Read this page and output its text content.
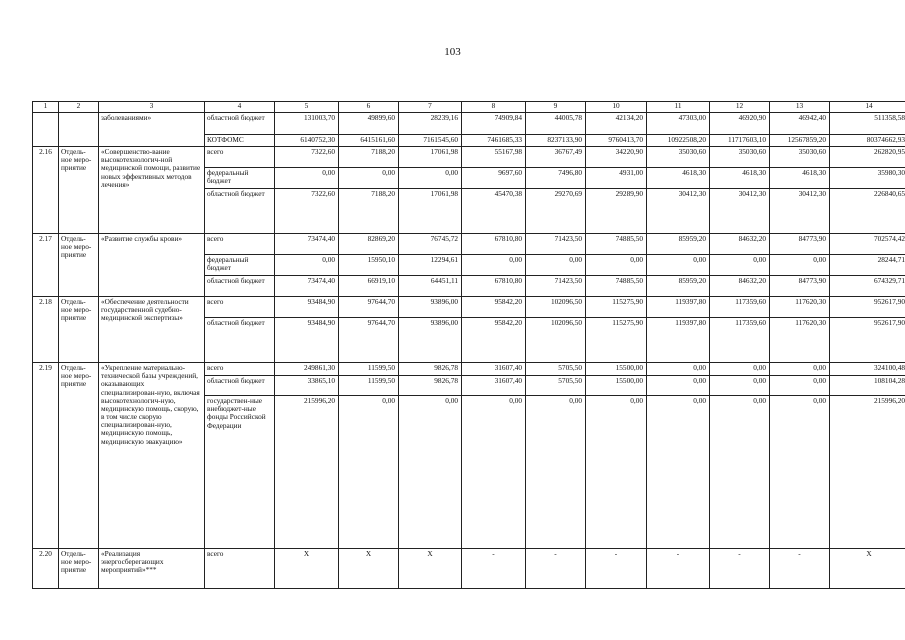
103
1	2	3	4	5	6	7	8	9	10	11	12	13	14
		заболеваниями»	областной бюджет	131003,70	49899,60	28239,16	74909,84	44005,78	42134,20	47303,00	46920,90	46942,40	511358,58
			КОТФОМС	6140752,30	6415161,60	7161545,60	7461685,33	8237133,90	9760413,70	10922508,20	11717603,10	12567859,20	80374662,93
2.16	Отдель-ное меро-приятие	«Совершенство-вание высокотехнологич-ной медицинской помощи, развитие новых эффективных методов лечения»	всего	7322,60	7188,20	17061,98	55167,98	36767,49	34220,90	35030,60	35030,60	35030,60	262820,95
			федеральный бюджет	0,00	0,00	0,00	9697,60	7496,80	4931,00	4618,30	4618,30	4618,30	35980,30
			областной бюджет	7322,60	7188,20	17061,98	45470,38	29270,69	29289,90	30412,30	30412,30	30412,30	226840,65
2.17	Отдель-ное меро-приятие	«Развитие службы крови»	всего	73474,40	82869,20	76745,72	67810,80	71423,50	74885,50	85959,20	84632,20	84773,90	702574,42
			федеральный бюджет	0,00	15950,10	12294,61	0,00	0,00	0,00	0,00	0,00	0,00	28244,71
			областной бюджет	73474,40	66919,10	64451,11	67810,80	71423,50	74885,50	85959,20	84632,20	84773,90	674329,71
2.18	Отдель-ное меро-приятие	«Обеспечение деятельности государственной судебно-медицинской экспертизы»	всего	93484,90	97644,70	93896,00	95842,20	102096,50	115275,90	119397,80	117359,60	117620,30	952617,90
			областной бюджет	93484,90	97644,70	93896,00	95842,20	102096,50	115275,90	119397,80	117359,60	117620,30	952617,90
2.19	Отдель-ное меро-приятие	«Укрепление материально-технической базы учреждений, оказывающих специализирован-ную, включая высокотехнологич-ную, медицинскую помощь, скорую, в том числе скорую специализирован-ную, медицинскую помощь, медицинскую эвакуацию»	всего	249861,30	11599,50	9826,78	31607,40	5705,50	15500,00	0,00	0,00	0,00	324100,48
			областной бюджет	33865,10	11599,50	9826,78	31607,40	5705,50	15500,00	0,00	0,00	0,00	108104,28
			государствен-ные внебюджет-ные фонды Российской Федерации	215996,20	0,00	0,00	0,00	0,00	0,00	0,00	0,00	0,00	215996,20
2.20	Отдель-ное меро-приятие	«Реализация энергосберегающих мероприятий»***	всего	X	X	X	-	-	-	-	-	-	X
